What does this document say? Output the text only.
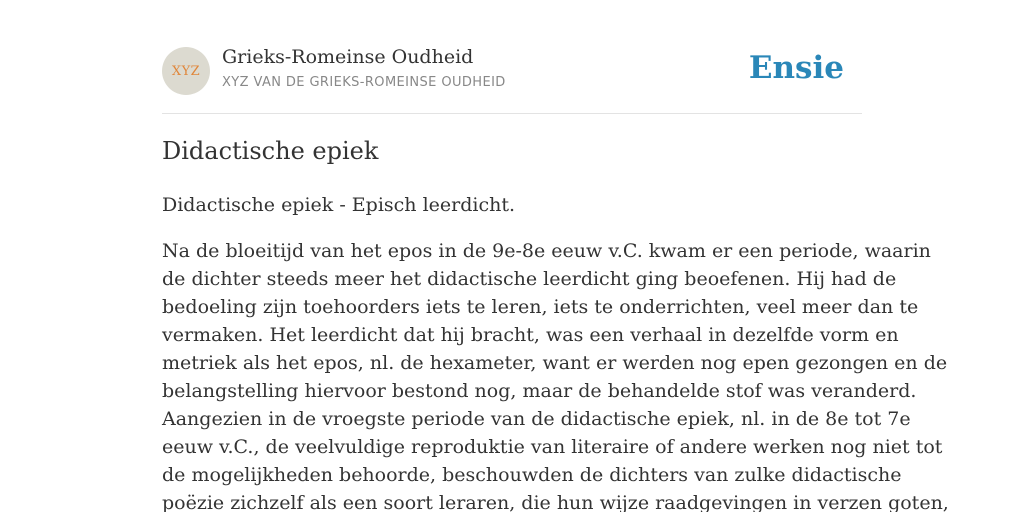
XYZ
Grieks-Romeinse Oudheid
XYZ VAN DE GRIEKS-ROMEINSE OUDHEID	Ensie
Didactische epiek

Didactische epiek - Episch leerdicht.

Na de bloeitijd van het epos in de 9e-8e eeuw v.C. kwam er een periode, waarin
de dichter steeds meer het didactische leerdicht ging beoefenen. Hij had de
bedoeling zijn toehoorders iets te leren, iets te onderrichten, veel meer dan te
vermaken. Het leerdicht dat hij bracht, was een verhaal in dezelfde vorm en
metriek als het epos, nl. de hexameter, want er werden nog epen gezongen en de
belangstelling hiervoor bestond nog, maar de behandelde stof was veranderd.
Aangezien in de vroegste periode van de didactische epiek, nl. in de 8e tot 7e
eeuw v.C., de veelvuldige reproduktie van literaire of andere werken nog niet tot
de mogelijkheden behoorde, beschouwden de dichters van zulke didactische
poëzie zichzelf als een soort leraren, die hun wijze raadgevingen in verzen goten,
